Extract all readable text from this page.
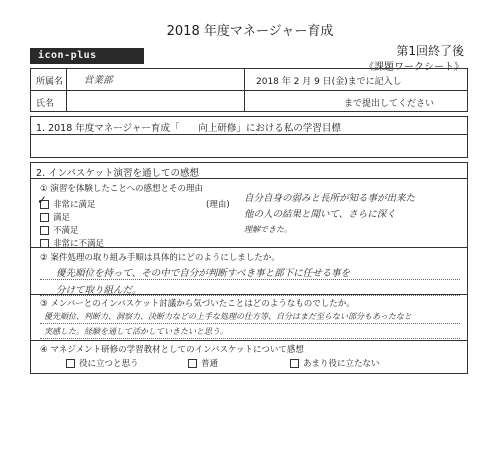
2018 年度マネージャー育成
第1回終了後
《課題ワークシート》
icon-plus
所属名 営業部
氏名
2018 年 2 月 9 日(金)までに記入し
まで提出してください
1. 2018 年度マネージャー育成「　　向上研修」における私の学習目標
2. インバスケット演習を通しての感想
① 演習を体験したことへの感想とその理由
(理由)
非常に満足
満足
不満足
非常に不満足
✓	自分自身の弱みと長所が知る事が出来た
他の人の結果と聞いて、さらに深く
理解できた。
② 案件処理の取り組み手順は具体的にどのようにしましたか。
優先順位を持って、その中で自分が判断すべき事と部下に任せる事を
分けて取り組んだ。
③ メンバーとのインバスケット討議から気づいたことはどのようなものでしたか。
優先順位、判断力、洞察力、決断力などの上手な処理の仕方等、自分はまだ至らない部分もあったなと
実感した。経験を通して活かしていきたいと思う。
④ マネジメント研修の学習教材としてのインバスケットについて感想
役に立つと思う	普通	あまり役に立たない
